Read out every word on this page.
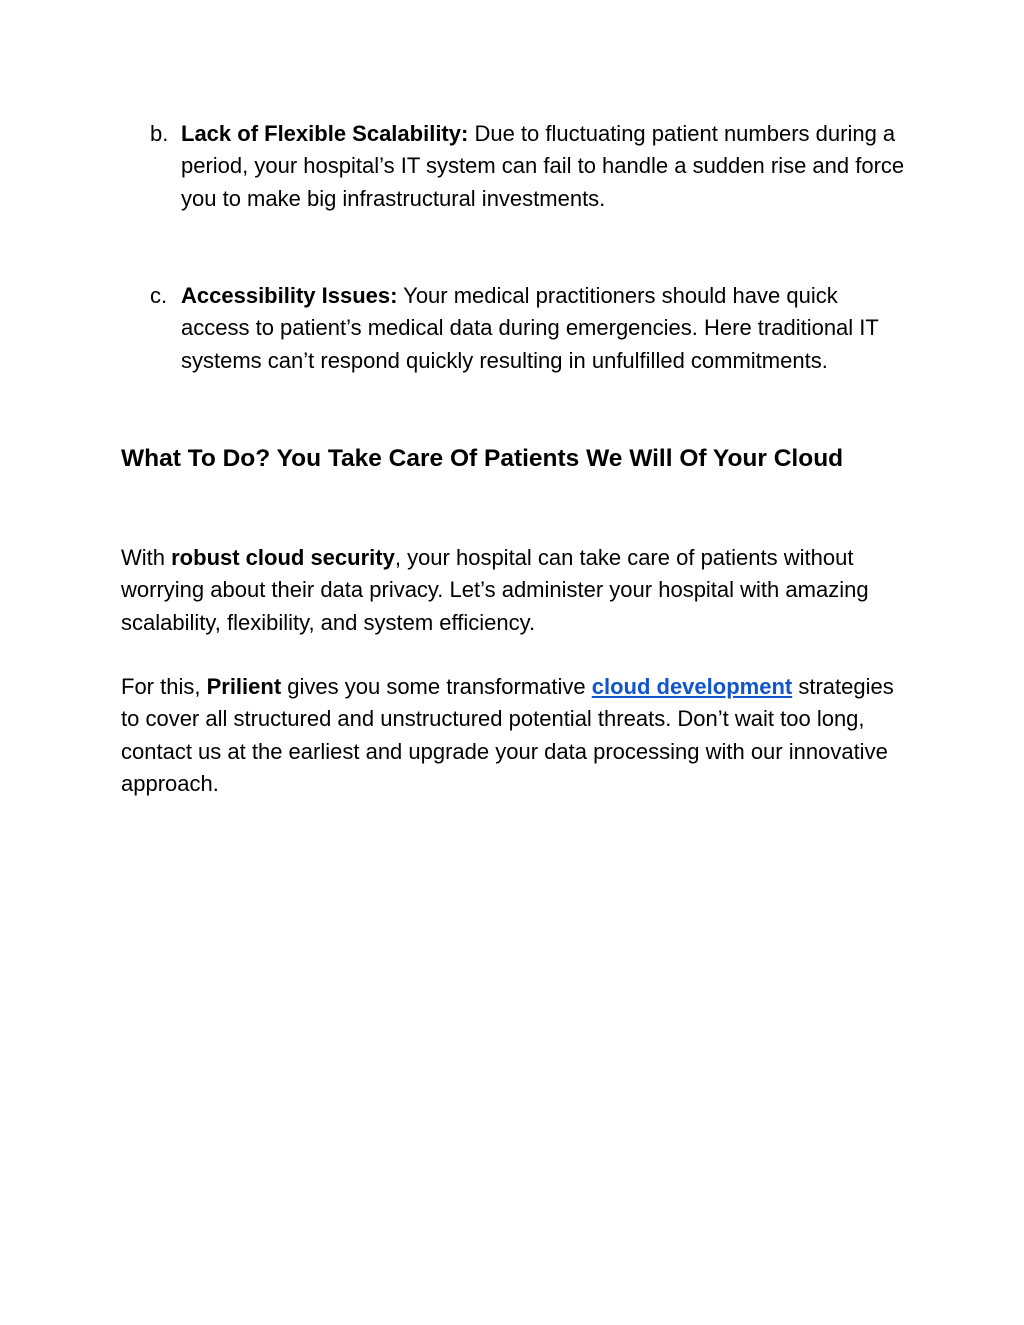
b. Lack of Flexible Scalability: Due to fluctuating patient numbers during a period, your hospital’s IT system can fail to handle a sudden rise and force you to make big infrastructural investments.
c. Accessibility Issues: Your medical practitioners should have quick access to patient’s medical data during emergencies. Here traditional IT systems can’t respond quickly resulting in unfulfilled commitments.
What To Do? You Take Care Of Patients We Will Of Your Cloud

With robust cloud security, your hospital can take care of patients without worrying about their data privacy. Let’s administer your hospital with amazing scalability, flexibility, and system efficiency.

For this, Prilient gives you some transformative cloud development strategies to cover all structured and unstructured potential threats. Don’t wait too long, contact us at the earliest and upgrade your data processing with our innovative approach.
